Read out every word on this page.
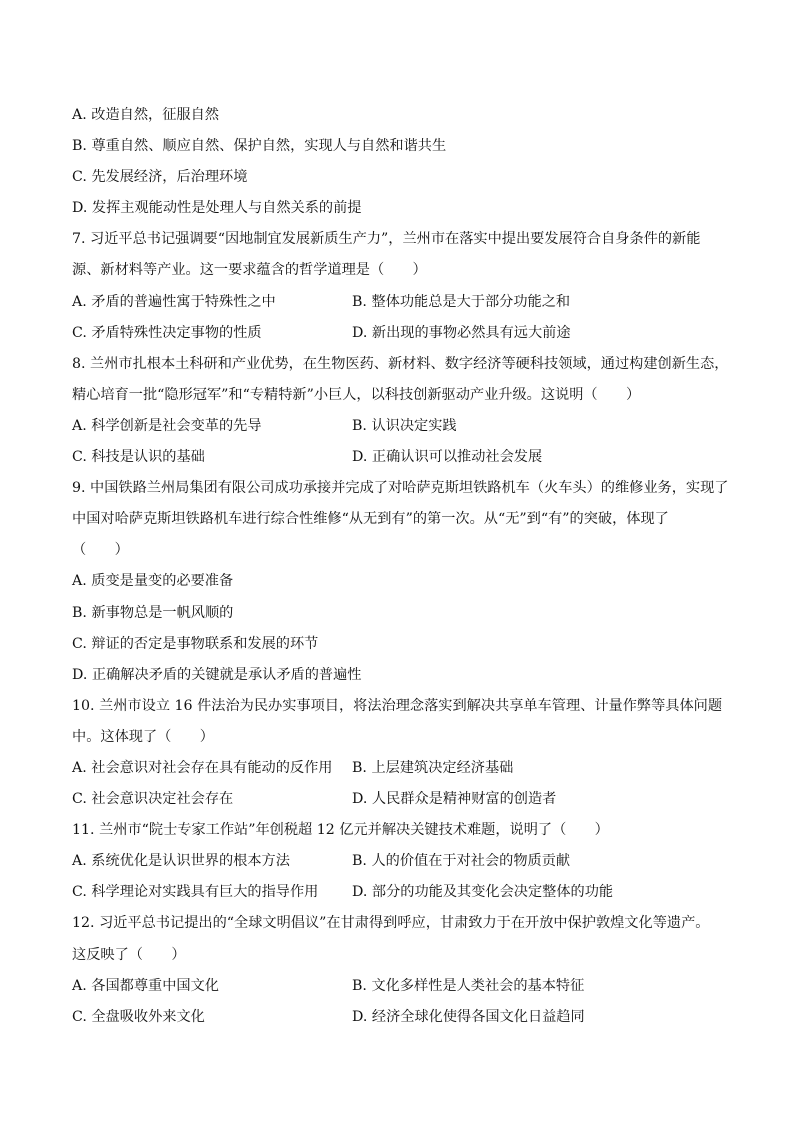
A. 改造自然，征服自然
B. 尊重自然、顺应自然、保护自然，实现人与自然和谐共生
C. 先发展经济，后治理环境
D. 发挥主观能动性是处理人与自然关系的前提
7. 习近平总书记强调要“因地制宜发展新质生产力”，兰州市在落实中提出要发展符合自身条件的新能
源、新材料等产业。这一要求蕴含的哲学道理是（　　）
A. 矛盾的普遍性寓于特殊性之中	B. 整体功能总是大于部分功能之和
C. 矛盾特殊性决定事物的性质	D. 新出现的事物必然具有远大前途
8. 兰州市扎根本土科研和产业优势，在生物医药、新材料、数字经济等硬科技领域，通过构建创新生态，
精心培育一批“隐形冠军”和“专精特新”小巨人，以科技创新驱动产业升级。这说明（　　）
A. 科学创新是社会变革的先导	B. 认识决定实践
C. 科技是认识的基础	D. 正确认识可以推动社会发展
9. 中国铁路兰州局集团有限公司成功承接并完成了对哈萨克斯坦铁路机车（火车头）的维修业务，实现了
中国对哈萨克斯坦铁路机车进行综合性维修“从无到有”的第一次。从“无”到“有”的突破，体现了
（　　）
A. 质变是量变的必要准备
B. 新事物总是一帆风顺的
C. 辩证的否定是事物联系和发展的环节
D. 正确解决矛盾的关键就是承认矛盾的普遍性
10. 兰州市设立 16 件法治为民办实事项目，将法治理念落实到解决共享单车管理、计量作弊等具体问题
中。这体现了（　　）
A. 社会意识对社会存在具有能动的反作用	B. 上层建筑决定经济基础
C. 社会意识决定社会存在	D. 人民群众是精神财富的创造者
11. 兰州市“院士专家工作站”年创税超 12 亿元并解决关键技术难题，说明了（　　）
A. 系统优化是认识世界的根本方法	B. 人的价值在于对社会的物质贡献
C. 科学理论对实践具有巨大的指导作用	D. 部分的功能及其变化会决定整体的功能
12. 习近平总书记提出的“全球文明倡议”在甘肃得到呼应，甘肃致力于在开放中保护敦煌文化等遗产。
这反映了（　　）
A. 各国都尊重中国文化	B. 文化多样性是人类社会的基本特征
C. 全盘吸收外来文化	D. 经济全球化使得各国文化日益趋同
